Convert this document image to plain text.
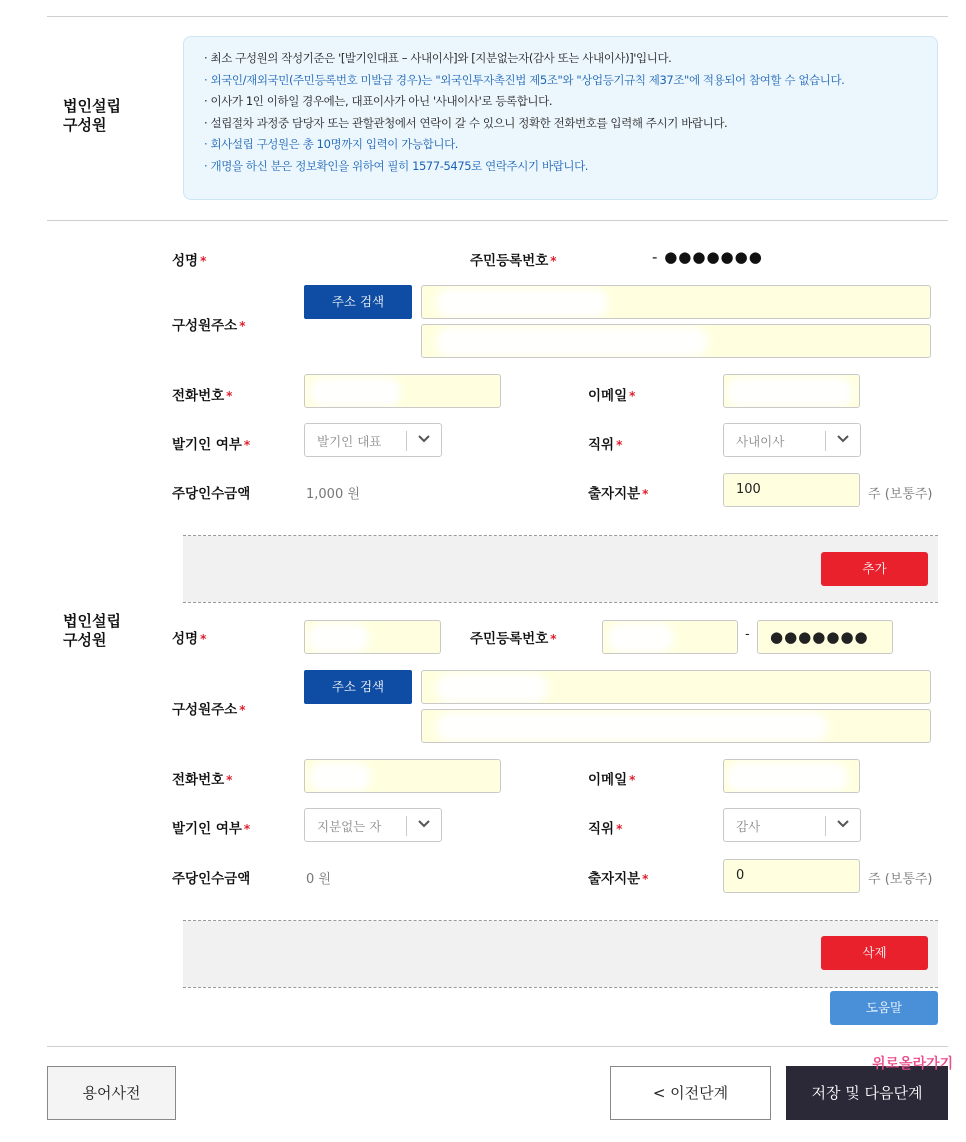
법인설립
구성원
· 최소 구성원의 작성기준은 '[발기인대표 – 사내이사]와 [지분없는자(감사 또는 사내이사)]'입니다.
· 외국인/재외국민(주민등록번호 미발급 경우)는 "외국인투자촉진법 제5조"와 "상업등기규칙 제37조"에 적용되어 참여할 수 없습니다.
· 이사가 1인 이하일 경우에는, 대표이사가 아닌 '사내이사'로 등록합니다.
· 설립절차 과정중 담당자 또는 관할관청에서 연락이 갈 수 있으니 정확한 전화번호를 입력해 주시기 바랍니다.
· 회사설립 구성원은 총 10명까지 입력이 가능합니다.
· 개명을 하신 분은 정보확인을 위하여 필히 1577-5475로 연락주시기 바랍니다.
성명 *	주민등록번호 *	- ●●●●●●●
주소 검색
구성원주소 *
전화번호 *	이메일 *
발기인 여부 *	발기인 대표	직위 *	사내이사
주당인수금액	1,000 원	출자지분 *	100	주 (보통주)
추가
법인설립
구성원	성명 *	주민등록번호 *	- ●●●●●●●
주소 검색
구성원주소 *
전화번호 *	이메일 *
발기인 여부 *	지분없는 자	직위 *	감사
주당인수금액	0 원	출자지분 *	0	주 (보통주)
삭제
도움말
용어사전	< 이전단계	저장 및 다음단계
위로올라가기
